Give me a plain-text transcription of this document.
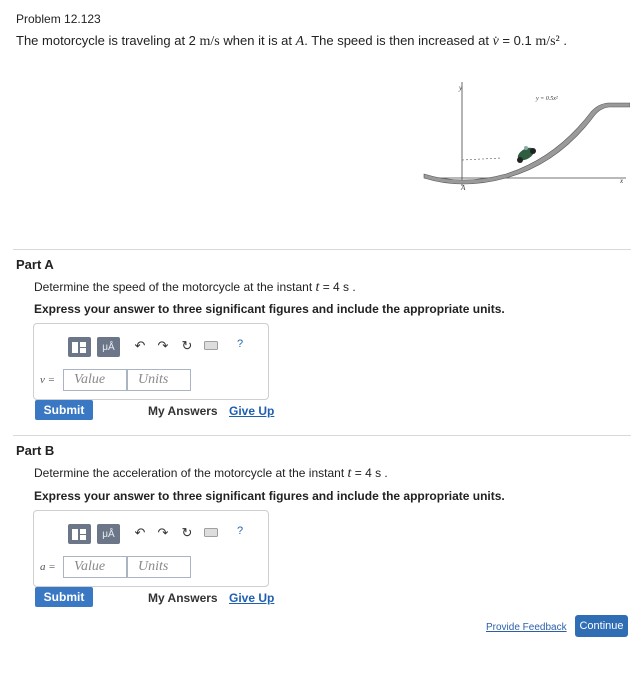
Problem 12.123
The motorcycle is traveling at 2 m/s when it is at A. The speed is then increased at v̇ = 0.1 m/s² .
y
x
y = 0.5x²
A
Part A
Determine the speed of the motorcycle at the instant t = 4 s .
Express your answer to three significant figures and include the appropriate units.
μÅ	↶ ↷ ↻	?
v =	Value	Units
Submit	My Answers Give Up
Part B
Determine the acceleration of the motorcycle at the instant t = 4 s .
Express your answer to three significant figures and include the appropriate units.
μÅ	↶ ↷ ↻	?
a =	Value	Units
Submit	My Answers Give Up
Provide Feedback	Continue
